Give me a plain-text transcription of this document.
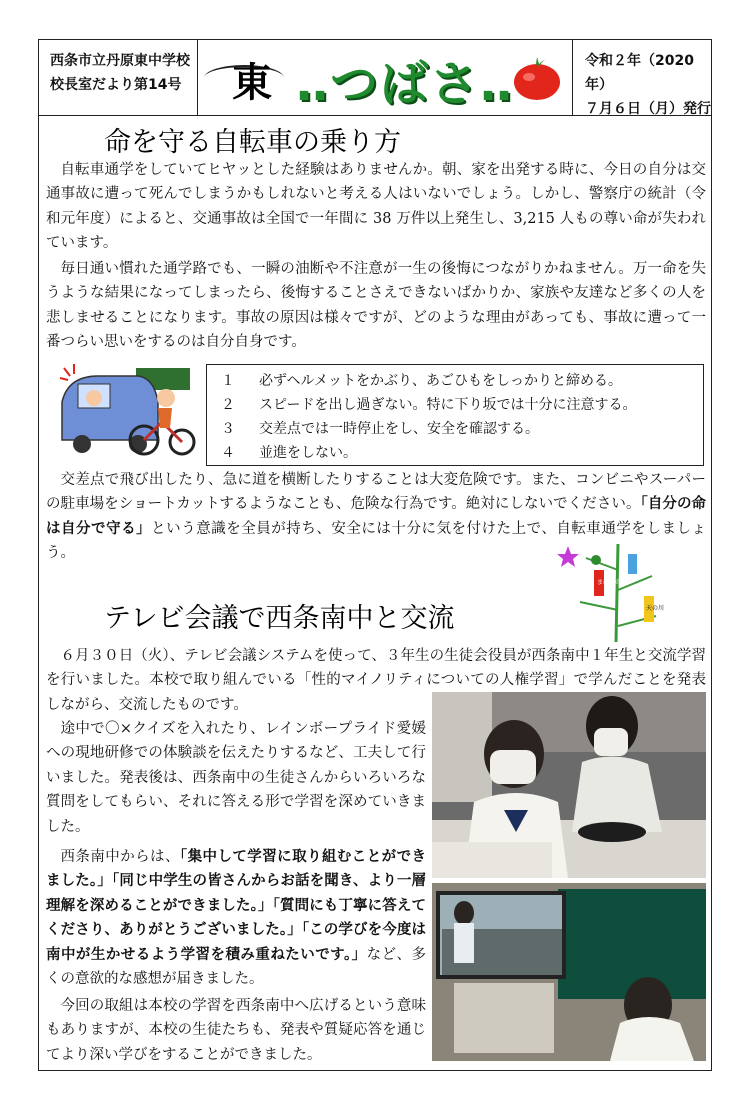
西条市立丹原東中学校
校長室だより第14号	東 ‥つばさ‥	令和２年（2020年）
７月６日（月）発行
命を守る自転車の乗り方

自転車通学をしていてヒヤッとした経験はありませんか。朝、家を出発する時に、今日の自分は交通事故に遭って死んでしまうかもしれないと考える人はいないでしょう。しかし、警察庁の統計（令和元年度）によると、交通事故は全国で一年間に 38 万件以上発生し、3,215 人もの尊い命が失われています。

毎日通い慣れた通学路でも、一瞬の油断や不注意が一生の後悔につながりかねません。万一命を失うような結果になってしまったら、後悔することさえできないばかりか、家族や友達など多くの人を悲しませることになります。事故の原因は様々ですが、どのような理由があっても、事故に遭って一番つらい思いをするのは自分自身です。

１	必ずヘルメットをかぶり、あごひもをしっかりと締める。
２	スピードを出し過ぎない。特に下り坂では十分に注意する。
３	交差点では一時停止をし、安全を確認する。
４	並進をしない。

交差点で飛び出したり、急に道を横断したりすることは大変危険です。また、コンビニやスーパーの駐車場をショートカットするようなことも、危険な行為です。絶対にしないでください。「自分の命は自分で守る」という意識を全員が持ち、安全には十分に気を付けた上で、自転車通学をしましょう。

まほうの
天の川
テレビ会議で西条南中と交流

６月３０日（火）、テレビ会議システムを使って、３年生の生徒会役員が西条南中１年生と交流学習を行いました。本校で取り組んでいる「性的マイノリティについての人権学習」で学んだことを発表しながら、交流したものです。

途中で〇×クイズを入れたり、レインボープライド愛媛への現地研修での体験談を伝えたりするなど、工夫して行いました。発表後は、西条南中の生徒さんからいろいろな質問をしてもらい、それに答える形で学習を深めていきました。

西条南中からは、「集中して学習に取り組むことができました。」「同じ中学生の皆さんからお話を聞き、より一層理解を深めることができました。」「質問にも丁寧に答えてくださり、ありがとうございました。」「この学びを今度は南中が生かせるよう学習を積み重ねたいです。」など、多くの意欲的な感想が届きました。

今回の取組は本校の学習を西条南中へ広げるという意味もありますが、本校の生徒たちも、発表や質疑応答を通じてより深い学びをすることができました。
